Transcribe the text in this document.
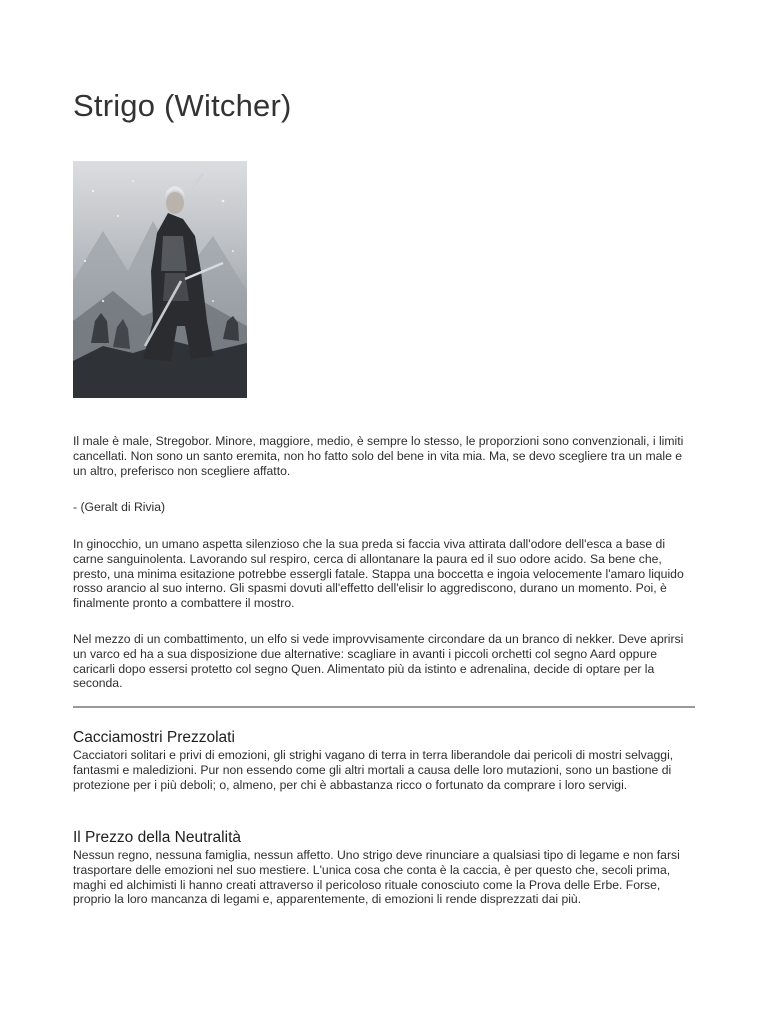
Strigo (Witcher)

Il male è male, Stregobor. Minore, maggiore, medio, è sempre lo stesso, le proporzioni sono convenzionali, i limiti cancellati. Non sono un santo eremita, non ho fatto solo del bene in vita mia. Ma, se devo scegliere tra un male e un altro, preferisco non scegliere affatto.

- (Geralt di Rivia)

In ginocchio, un umano aspetta silenzioso che la sua preda si faccia viva attirata dall'odore dell'esca a base di carne sanguinolenta. Lavorando sul respiro, cerca di allontanare la paura ed il suo odore acido. Sa bene che, presto, una minima esitazione potrebbe essergli fatale. Stappa una boccetta e ingoia velocemente l'amaro liquido rosso arancio al suo interno. Gli spasmi dovuti all'effetto dell'elisir lo aggrediscono, durano un momento. Poi, è finalmente pronto a combattere il mostro.

Nel mezzo di un combattimento, un elfo si vede improvvisamente circondare da un branco di nekker. Deve aprirsi un varco ed ha a sua disposizione due alternative: scagliare in avanti i piccoli orchetti col segno Aard oppure caricarli dopo essersi protetto col segno Quen. Alimentato più da istinto e adrenalina, decide di optare per la seconda.

Cacciamostri Prezzolati

Cacciatori solitari e privi di emozioni, gli strighi vagano di terra in terra liberandole dai pericoli di mostri selvaggi, fantasmi e maledizioni. Pur non essendo come gli altri mortali a causa delle loro mutazioni, sono un bastione di protezione per i più deboli; o, almeno, per chi è abbastanza ricco o fortunato da comprare i loro servigi.

Il Prezzo della Neutralità

Nessun regno, nessuna famiglia, nessun affetto. Uno strigo deve rinunciare a qualsiasi tipo di legame e non farsi trasportare delle emozioni nel suo mestiere. L'unica cosa che conta è la caccia, è per questo che, secoli prima, maghi ed alchimisti li hanno creati attraverso il pericoloso rituale conosciuto come la Prova delle Erbe. Forse, proprio la loro mancanza di legami e, apparentemente, di emozioni li rende disprezzati dai più.
